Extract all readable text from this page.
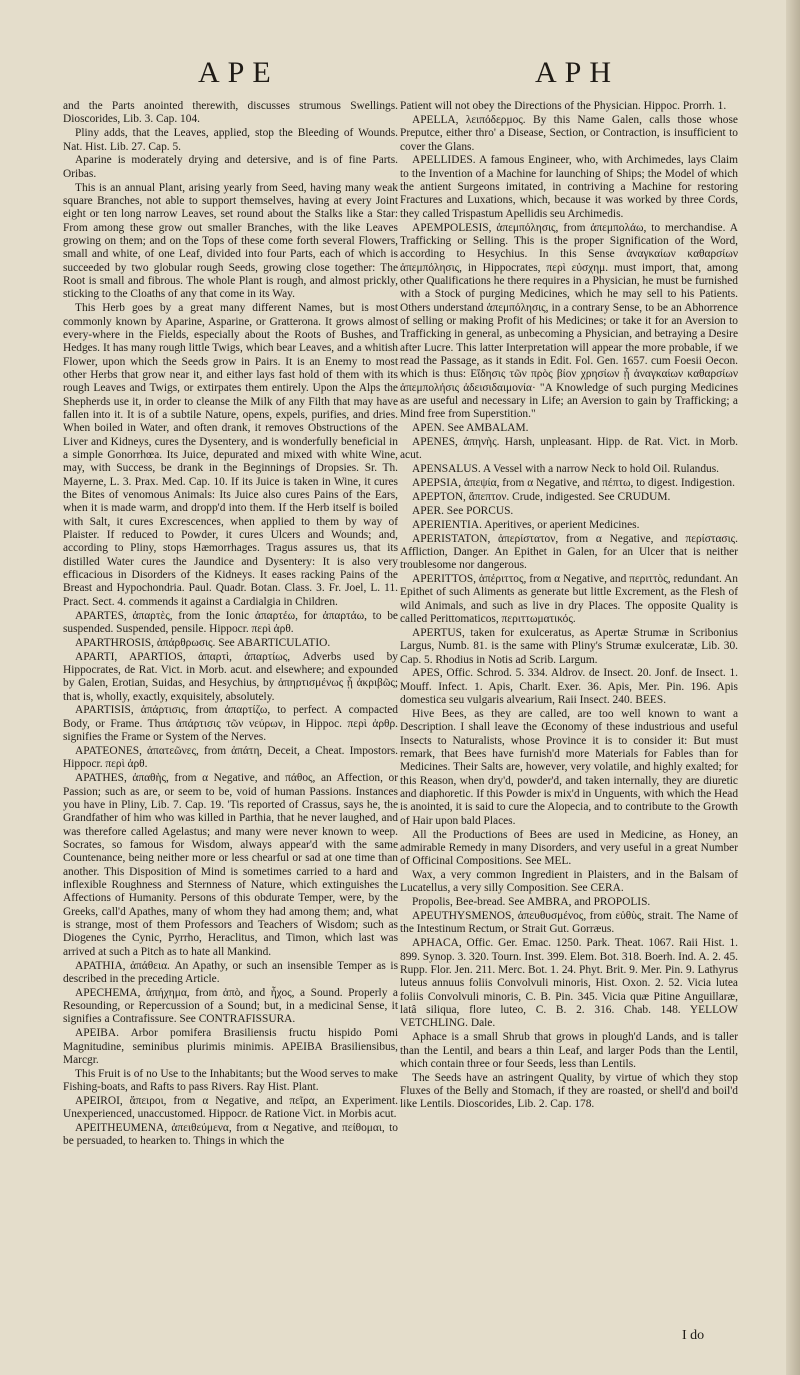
APE	APH

and the Parts anointed therewith, discusses strumous Swellings. Dioscorides, Lib. 3. Cap. 104.

Pliny adds, that the Leaves, applied, stop the Bleeding of Wounds. Nat. Hist. Lib. 27. Cap. 5.

Aparine is moderately drying and detersive, and is of fine Parts. Oribas.

This is an annual Plant, arising yearly from Seed, having many weak square Branches, not able to support themselves, having at every Joint eight or ten long narrow Leaves, set round about the Stalks like a Star: From among these grow out smaller Branches, with the like Leaves growing on them; and on the Tops of these come forth several Flowers, small and white, of one Leaf, divided into four Parts, each of which is succeeded by two globular rough Seeds, growing close together: The Root is small and fibrous. The whole Plant is rough, and almost prickly, sticking to the Cloaths of any that come in its Way.

This Herb goes by a great many different Names, but is most commonly known by Aparine, Asparine, or Gratterona. It grows almost every-where in the Fields, especially about the Roots of Bushes, and Hedges. It has many rough little Twigs, which bear Leaves, and a whitish Flower, upon which the Seeds grow in Pairs. It is an Enemy to most other Herbs that grow near it, and either lays fast hold of them with its rough Leaves and Twigs, or extirpates them entirely. Upon the Alps the Shepherds use it, in order to cleanse the Milk of any Filth that may have fallen into it. It is of a subtile Nature, opens, expels, purifies, and dries. When boiled in Water, and often drank, it removes Obstructions of the Liver and Kidneys, cures the Dysentery, and is wonderfully beneficial in a simple Gonorrhœa. Its Juice, depurated and mixed with white Wine, may, with Success, be drank in the Beginnings of Dropsies. Sr. Th. Mayerne, L. 3. Prax. Med. Cap. 10. If its Juice is taken in Wine, it cures the Bites of venomous Animals: Its Juice also cures Pains of the Ears, when it is made warm, and dropp'd into them. If the Herb itself is boiled with Salt, it cures Excrescences, when applied to them by way of Plaister. If reduced to Powder, it cures Ulcers and Wounds; and, according to Pliny, stops Hæmorrhages. Tragus assures us, that its distilled Water cures the Jaundice and Dysentery: It is also very efficacious in Disorders of the Kidneys. It eases racking Pains of the Breast and Hypochondria. Paul. Quadr. Botan. Class. 3. Fr. Joel, L. 11. Pract. Sect. 4. commends it against a Cardialgia in Children.

APARTES, ἀπαρτὲς, from the Ionic ἀπαρτέω, for ἀπαρτάω, to be suspended. Suspended, pensile. Hippocr. περὶ ἀρθ.

APARTHROSIS, ἀπάρθρωσις. See ABARTICULATIO.

APARTI, APARTIOS, ἀπαρτὶ, ἀπαρτίως, Adverbs used by Hippocrates, de Rat. Vict. in Morb. acut. and elsewhere; and expounded by Galen, Erotian, Suidas, and Hesychius, by ἀπηρτισμένως ᾗ ἀκριβῶς; that is, wholly, exactly, exquisitely, absolutely.

APARTISIS, ἀπάρτισις, from ἀπαρτίζω, to perfect. A compacted Body, or Frame. Thus ἀπάρτισις τῶν νεύρων, in Hippoc. περὶ ἀρθρ. signifies the Frame or System of the Nerves.

APATEONES, ἀπατεῶνες, from ἀπάτη, Deceit, a Cheat. Impostors. Hippocr. περὶ ἀρθ.

APATHES, ἀπαθὴς, from α Negative, and πάθος, an Affection, or Passion; such as are, or seem to be, void of human Passions. Instances you have in Pliny, Lib. 7. Cap. 19. 'Tis reported of Crassus, says he, the Grandfather of him who was killed in Parthia, that he never laughed, and was therefore called Agelastus; and many were never known to weep. Socrates, so famous for Wisdom, always appear'd with the same Countenance, being neither more or less chearful or sad at one time than another. This Disposition of Mind is sometimes carried to a hard and inflexible Roughness and Sternness of Nature, which extinguishes the Affections of Humanity. Persons of this obdurate Temper, were, by the Greeks, call'd Apathes, many of whom they had among them; and, what is strange, most of them Professors and Teachers of Wisdom; such as Diogenes the Cynic, Pyrrho, Heraclitus, and Timon, which last was arrived at such a Pitch as to hate all Mankind.

APATHIA, ἀπάθεια. An Apathy, or such an insensible Temper as is described in the preceding Article.

APECHEMA, ἀπήχημα, from ἀπὸ, and ἦχος, a Sound. Properly a Resounding, or Repercussion of a Sound; but, in a medicinal Sense, it signifies a Contrafissure. See CONTRAFISSURA.

APEIBA. Arbor pomifera Brasiliensis fructu hispido Pomi Magnitudine, seminibus plurimis minimis. APEIBA Brasiliensibus, Marcgr.

This Fruit is of no Use to the Inhabitants; but the Wood serves to make Fishing-boats, and Rafts to pass Rivers. Ray Hist. Plant.

APEIROI, ἄπειροι, from α Negative, and πεῖρα, an Experiment. Unexperienced, unaccustomed. Hippocr. de Ratione Vict. in Morbis acut.

APEITHEUMENA, ἀπειθεύμενα, from α Negative, and πείθομαι, to be persuaded, to hearken to. Things in which the

Patient will not obey the Directions of the Physician. Hippoc. Prorrh. 1.

APELLA, λειπόδερμος. By this Name Galen, calls those whose Preputce, either thro' a Disease, Section, or Contraction, is insufficient to cover the Glans.

APELLIDES. A famous Engineer, who, with Archimedes, lays Claim to the Invention of a Machine for launching of Ships; the Model of which the antient Surgeons imitated, in contriving a Machine for restoring Fractures and Luxations, which, because it was worked by three Cords, they called Trispastum Apellidis seu Archimedis.

APEMPOLESIS, ἀπεμπόλησις, from ἀπεμπολάω, to merchandise. A Trafficking or Selling. This is the proper Signification of the Word, according to Hesychius. In this Sense ἀναγκαίων καθαρσίων ἀπεμπόλησις, in Hippocrates, περὶ εὐσχημ. must import, that, among other Qualifications he there requires in a Physician, he must be furnished with a Stock of purging Medicines, which he may sell to his Patients. Others understand ἀπεμπόλησις, in a contrary Sense, to be an Abhorrence of selling or making Profit of his Medicines; or take it for an Aversion to Trafficking in general, as unbecoming a Physician, and betraying a Desire after Lucre. This latter Interpretation will appear the more probable, if we read the Passage, as it stands in Edit. Fol. Gen. 1657. cum Foesii Oecon. which is thus: Εἴδησις τῶν πρὸς βίον χρησίων ᾗ ἀναγκαίων καθαρσίων ἀπεμπολήσις ἀδεισιδαιμονία· "A Knowledge of such purging Medicines as are useful and necessary in Life; an Aversion to gain by Trafficking; a Mind free from Superstition."

APEN. See AMBALAM.

APENES, ἀπηνὴς. Harsh, unpleasant. Hipp. de Rat. Vict. in Morb. acut.

APENSALUS. A Vessel with a narrow Neck to hold Oil. Rulandus.

APEPSIA, ἀπεψία, from α Negative, and πέπτω, to digest. Indigestion.

APEPTON, ἄπεπτον. Crude, indigested. See CRUDUM.

APER. See PORCUS.

APERIENTIA. Aperitives, or aperient Medicines.

APERISTATON, ἀπερίστατον, from α Negative, and περίστασις. Affliction, Danger. An Epithet in Galen, for an Ulcer that is neither troublesome nor dangerous.

APERITTOS, ἀπέριττος, from α Negative, and περιττὸς, redundant. An Epithet of such Aliments as generate but little Excrement, as the Flesh of wild Animals, and such as live in dry Places. The opposite Quality is called Perittomaticos, περιττωματικός.

APERTUS, taken for exulceratus, as Apertæ Strumæ in Scribonius Largus, Numb. 81. is the same with Pliny's Strumæ exulceratæ, Lib. 30. Cap. 5. Rhodius in Notis ad Scrib. Largum.

APES, Offic. Schrod. 5. 334. Aldrov. de Insect. 20. Jonf. de Insect. 1. Mouff. Infect. 1. Apis, Charlt. Exer. 36. Apis, Mer. Pin. 196. Apis domestica seu vulgaris alvearium, Raii Insect. 240. BEES.

Hive Bees, as they are called, are too well known to want a Description. I shall leave the Œconomy of these industrious and useful Insects to Naturalists, whose Province it is to consider it: But must remark, that Bees have furnish'd more Materials for Fables than for Medicines. Their Salts are, however, very volatile, and highly exalted; for this Reason, when dry'd, powder'd, and taken internally, they are diuretic and diaphoretic. If this Powder is mix'd in Unguents, with which the Head is anointed, it is said to cure the Alopecia, and to contribute to the Growth of Hair upon bald Places.

All the Productions of Bees are used in Medicine, as Honey, an admirable Remedy in many Disorders, and very useful in a great Number of Officinal Compositions. See MEL.

Wax, a very common Ingredient in Plaisters, and in the Balsam of Lucatellus, a very silly Composition. See CERA.

Propolis, Bee-bread. See AMBRA, and PROPOLIS.

APEUTHYSMENOS, ἀπευθυσμένος, from εὐθὺς, strait. The Name of the Intestinum Rectum, or Strait Gut. Gorræus.

APHACA, Offic. Ger. Emac. 1250. Park. Theat. 1067. Raii Hist. 1. 899. Synop. 3. 320. Tourn. Inst. 399. Elem. Bot. 318. Boerh. Ind. A. 2. 45. Rupp. Flor. Jen. 211. Merc. Bot. 1. 24. Phyt. Brit. 9. Mer. Pin. 9. Lathyrus luteus annuus foliis Convolvuli minoris, Hist. Oxon. 2. 52. Vicia lutea foliis Convolvuli minoris, C. B. Pin. 345. Vicia quæ Pitine Anguillaræ, latâ siliqua, flore luteo, C. B. 2. 316. Chab. 148. YELLOW VETCHLING. Dale.

Aphace is a small Shrub that grows in plough'd Lands, and is taller than the Lentil, and bears a thin Leaf, and larger Pods than the Lentil, which contain three or four Seeds, less than Lentils.

The Seeds have an astringent Quality, by virtue of which they stop Fluxes of the Belly and Stomach, if they are roasted, or shell'd and boil'd like Lentils. Dioscorides, Lib. 2. Cap. 178.

I do
